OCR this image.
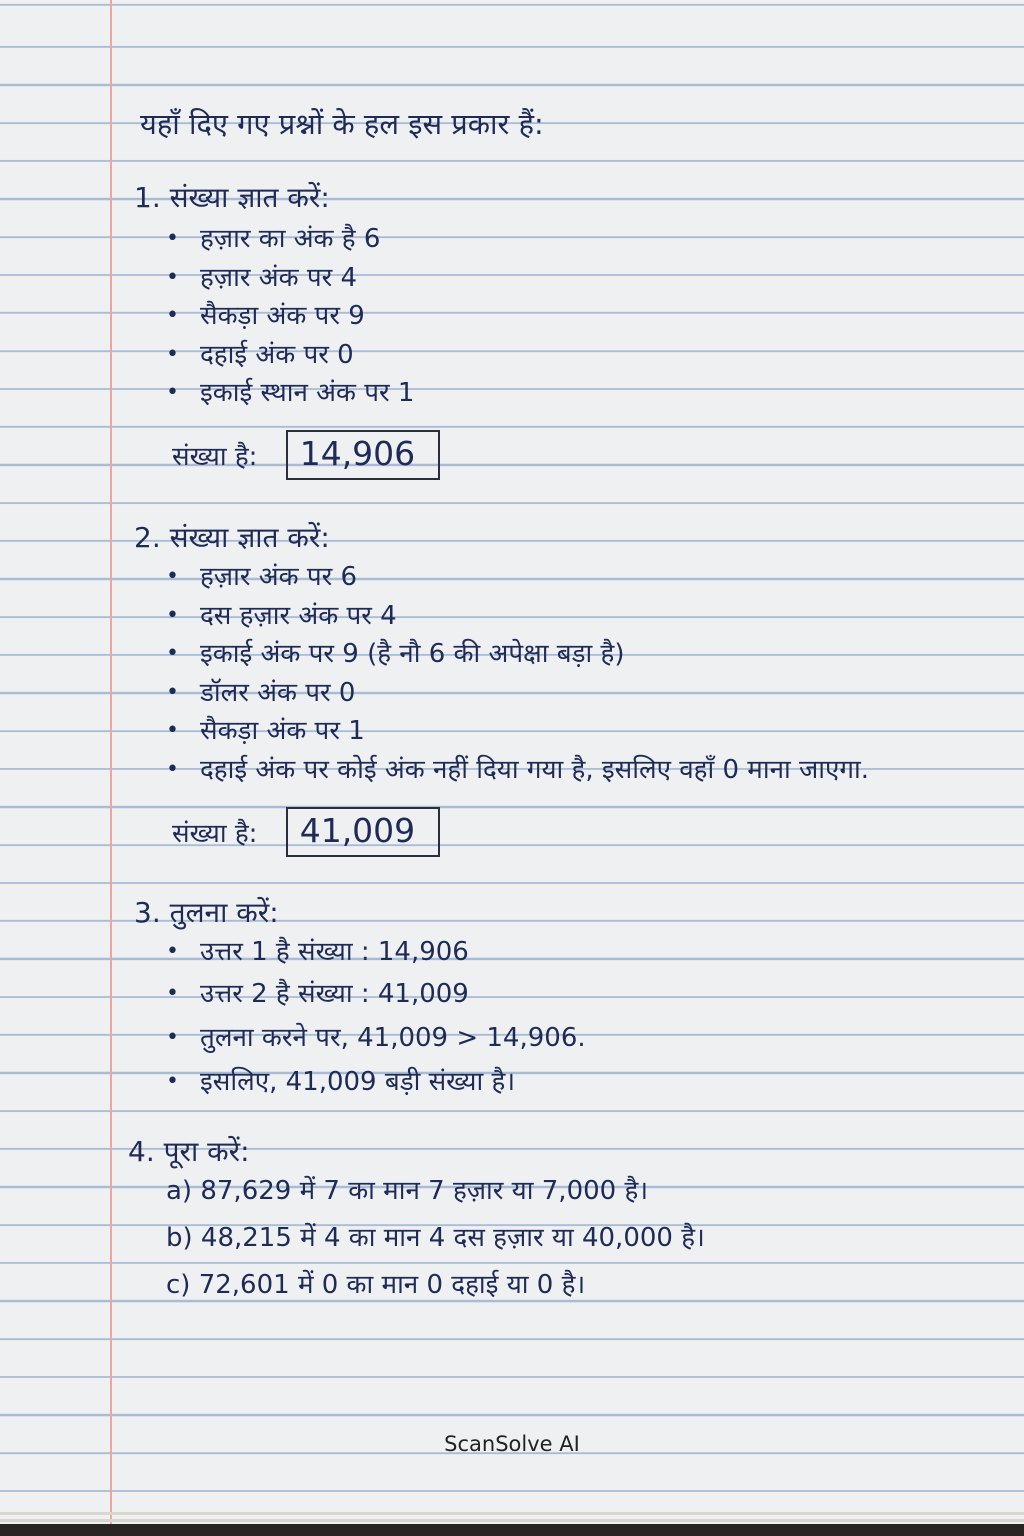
यहाँ दिए गए प्रश्नों के हल इस प्रकार हैं:
1. संख्या ज्ञात करें:
• हज़ार का अंक है 6
• हज़ार अंक पर 4
• सैकड़ा अंक पर 9
• दहाई अंक पर 0
• इकाई स्थान अंक पर 1
संख्या है: 14,906
2. संख्या ज्ञात करें:
• हज़ार अंक पर 6
• दस हज़ार अंक पर 4
• इकाई अंक पर 9 (है नौ 6 की अपेक्षा बड़ा है)
• डॉलर अंक पर 0
• सैकड़ा अंक पर 1
• दहाई अंक पर कोई अंक नहीं दिया गया है, इसलिए वहाँ 0 माना जाएगा.
संख्या है: 41,009
3. तुलना करें:
• उत्तर 1 है संख्या : 14,906
• उत्तर 2 है संख्या : 41,009
• तुलना करने पर, 41,009 > 14,906.
• इसलिए, 41,009 बड़ी संख्या है।
4. पूरा करें:
a) 87,629 में 7 का मान 7 हज़ार या 7,000 है।
b) 48,215 में 4 का मान 4 दस हज़ार या 40,000 है।
c) 72,601 में 0 का मान 0 दहाई या 0 है।
ScanSolve AI
